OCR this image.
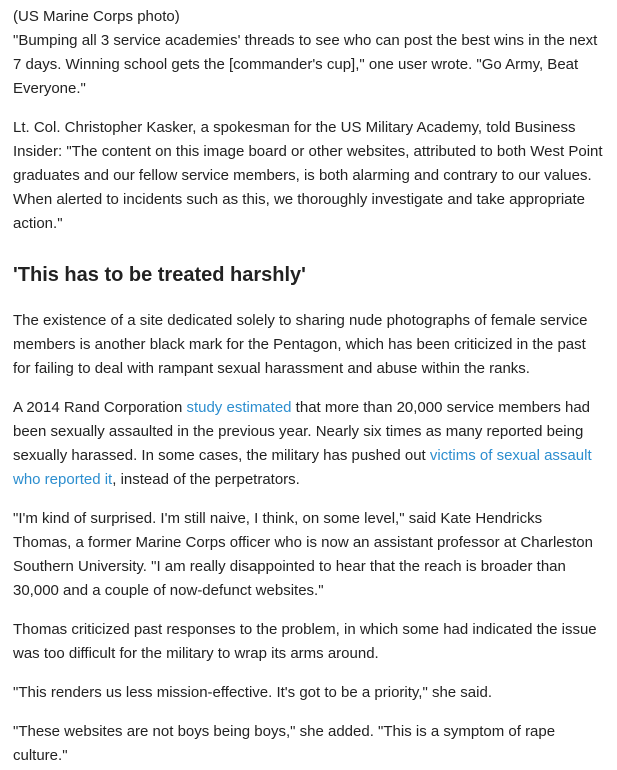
(US Marine Corps photo)

"Bumping all 3 service academies' threads to see who can post the best wins in the next 7 days. Winning school gets the [commander's cup]," one user wrote. "Go Army, Beat Everyone."

Lt. Col. Christopher Kasker, a spokesman for the US Military Academy, told Business Insider: "The content on this image board or other websites, attributed to both West Point graduates and our fellow service members, is both alarming and contrary to our values. When alerted to incidents such as this, we thoroughly investigate and take appropriate action."

'This has to be treated harshly'

The existence of a site dedicated solely to sharing nude photographs of female service members is another black mark for the Pentagon, which has been criticized in the past for failing to deal with rampant sexual harassment and abuse within the ranks.

A 2014 Rand Corporation study estimated that more than 20,000 service members had been sexually assaulted in the previous year. Nearly six times as many reported being sexually harassed. In some cases, the military has pushed out victims of sexual assault who reported it, instead of the perpetrators.

"I'm kind of surprised. I'm still naive, I think, on some level," said Kate Hendricks Thomas, a former Marine Corps officer who is now an assistant professor at Charleston Southern University. "I am really disappointed to hear that the reach is broader than 30,000 and a couple of now-defunct websites."

Thomas criticized past responses to the problem, in which some had indicated the issue was too difficult for the military to wrap its arms around.

"This renders us less mission-effective. It's got to be a priority," she said.

"These websites are not boys being boys," she added. "This is a symptom of rape culture."
